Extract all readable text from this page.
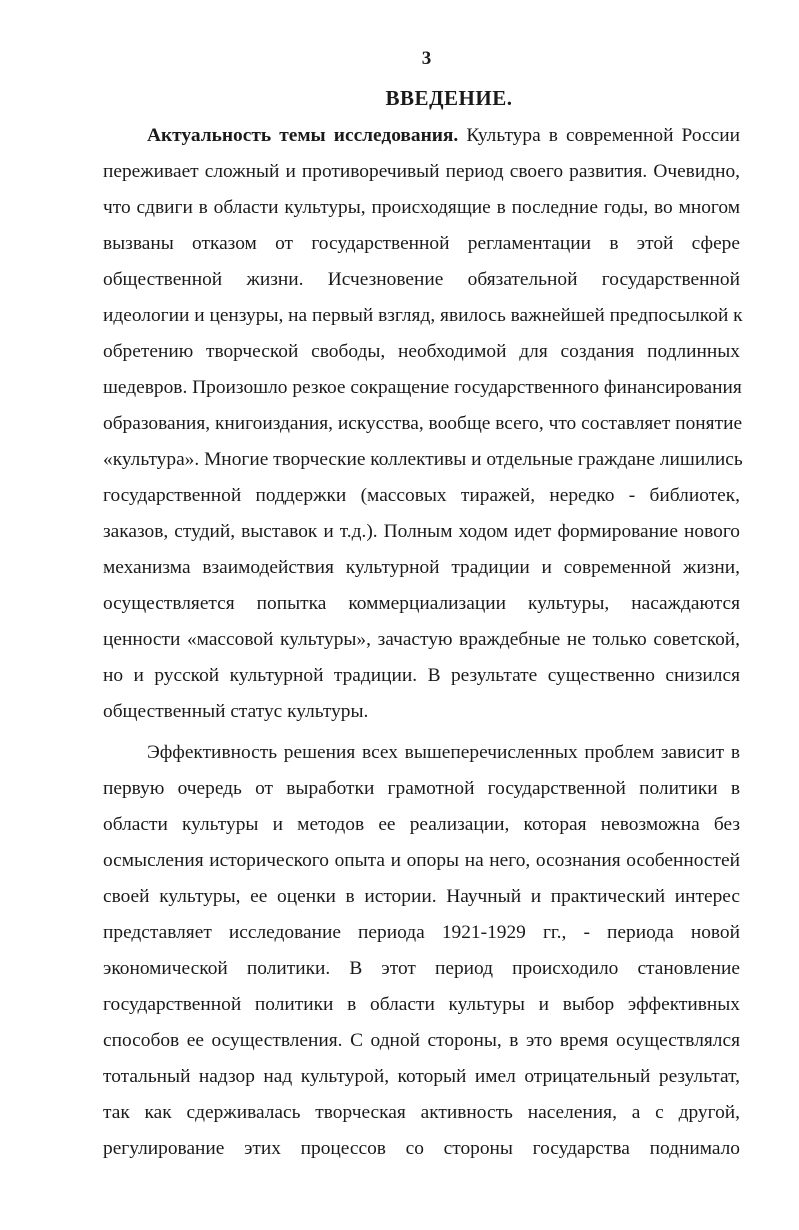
3
ВВЕДЕНИЕ.
Актуальность темы исследования. Культура в современной России
переживает сложный и противоречивый период своего развития. Очевидно,
что сдвиги в области культуры, происходящие в последние годы, во многом
вызваны отказом от государственной регламентации в этой сфере
общественной жизни. Исчезновение обязательной государственной
идеологии и цензуры, на первый взгляд, явилось важнейшей предпосылкой к
обретению творческой свободы, необходимой для создания подлинных
шедевров. Произошло резкое сокращение государственного финансирования
образования, книгоиздания, искусства, вообще всего, что составляет понятие
«культура». Многие творческие коллективы и отдельные граждане лишились
государственной поддержки (массовых тиражей, нередко - библиотек,
заказов, студий, выставок и т.д.). Полным ходом идет формирование нового
механизма взаимодействия культурной традиции и современной жизни,
осуществляется попытка коммерциализации культуры, насаждаются
ценности «массовой культуры», зачастую враждебные не только советской,
но и русской культурной традиции. В результате существенно снизился
общественный статус культуры.
Эффективность решения всех вышеперечисленных проблем зависит в
первую очередь от выработки грамотной государственной политики в
области культуры и методов ее реализации, которая невозможна без
осмысления исторического опыта и опоры на него, осознания особенностей
своей культуры, ее оценки в истории. Научный и практический интерес
представляет исследование периода 1921-1929 гг., - периода новой
экономической политики. В этот период происходило становление
государственной политики в области культуры и выбор эффективных
способов ее осуществления. С одной стороны, в это время осуществлялся
тотальный надзор над культурой, который имел отрицательный результат,
так как сдерживалась творческая активность населения, а с другой,
регулирование этих процессов со стороны государства поднимало
